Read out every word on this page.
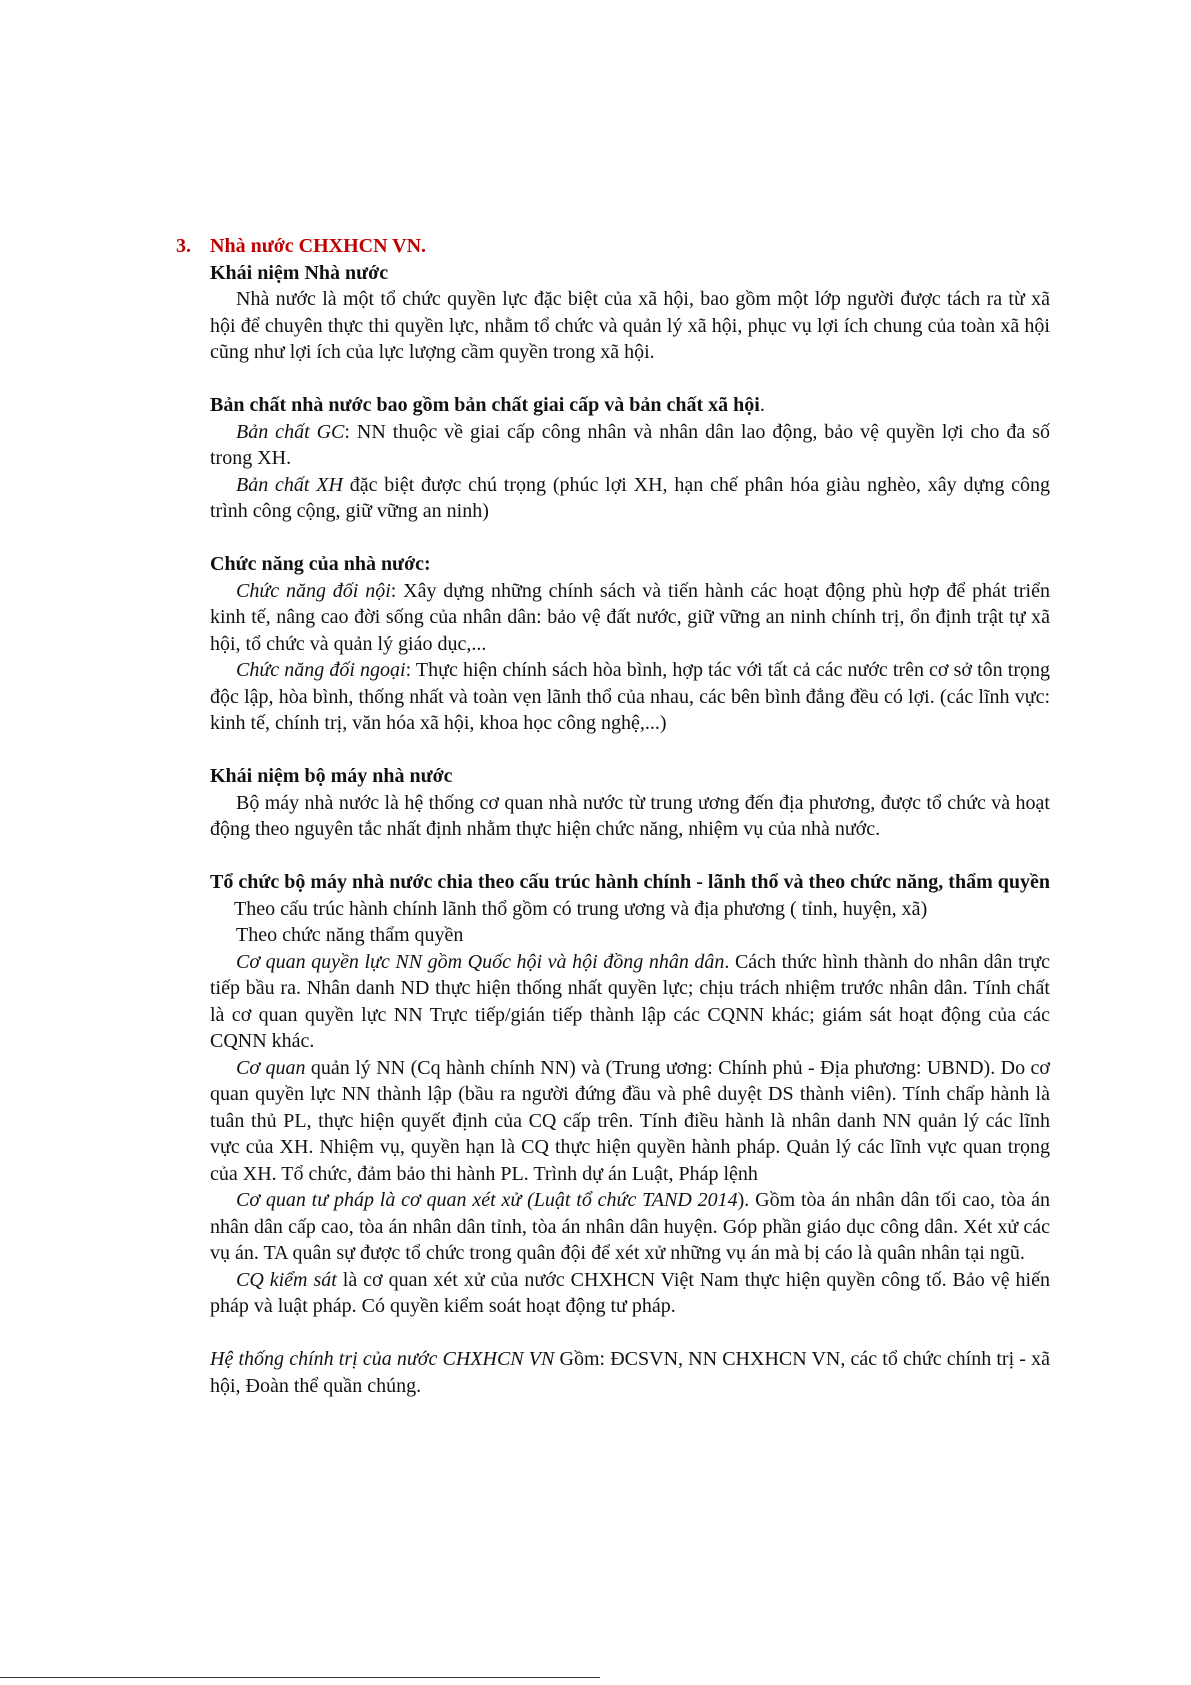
3. Nhà nước CHXHCN VN.

Khái niệm Nhà nước

Nhà nước là một tổ chức quyền lực đặc biệt của xã hội, bao gồm một lớp người được tách ra từ xã hội để chuyên thực thi quyền lực, nhằm tổ chức và quản lý xã hội, phục vụ lợi ích chung của toàn xã hội cũng như lợi ích của lực lượng cầm quyền trong xã hội.

Bản chất nhà nước bao gồm bản chất giai cấp và bản chất xã hội.

Bản chất GC: NN thuộc về giai cấp công nhân và nhân dân lao động, bảo vệ quyền lợi cho đa số trong XH.

Bản chất XH đặc biệt được chú trọng (phúc lợi XH, hạn chế phân hóa giàu nghèo, xây dựng công trình công cộng, giữ vững an ninh)

Chức năng của nhà nước:

Chức năng đối nội: Xây dựng những chính sách và tiến hành các hoạt động phù hợp để phát triển kinh tế, nâng cao đời sống của nhân dân: bảo vệ đất nước, giữ vững an ninh chính trị, ổn định trật tự xã hội, tổ chức và quản lý giáo dục,...

Chức năng đối ngoại: Thực hiện chính sách hòa bình, hợp tác với tất cả các nước trên cơ sở tôn trọng độc lập, hòa bình, thống nhất và toàn vẹn lãnh thổ của nhau, các bên bình đẳng đều có lợi. (các lĩnh vực: kinh tế, chính trị, văn hóa xã hội, khoa học công nghệ,...)

Khái niệm bộ máy nhà nước

Bộ máy nhà nước là hệ thống cơ quan nhà nước từ trung ương đến địa phương, được tổ chức và hoạt động theo nguyên tắc nhất định nhằm thực hiện chức năng, nhiệm vụ của nhà nước.

Tổ chức bộ máy nhà nước chia theo cấu trúc hành chính - lãnh thổ và theo chức năng, thẩm quyền

Theo cấu trúc hành chính lãnh thổ gồm có trung ương và địa phương ( tỉnh, huyện, xã)

Theo chức năng thẩm quyền

Cơ quan quyền lực NN gồm Quốc hội và hội đồng nhân dân. Cách thức hình thành do nhân dân trực tiếp bầu ra. Nhân danh ND thực hiện thống nhất quyền lực; chịu trách nhiệm trước nhân dân. Tính chất là cơ quan quyền lực NN Trực tiếp/gián tiếp thành lập các CQNN khác; giám sát hoạt động của các CQNN khác.

Cơ quan quản lý NN (Cq hành chính NN) và (Trung ương: Chính phủ - Địa phương: UBND). Do cơ quan quyền lực NN thành lập (bầu ra người đứng đầu và phê duyệt DS thành viên). Tính chấp hành là tuân thủ PL, thực hiện quyết định của CQ cấp trên. Tính điều hành là nhân danh NN quản lý các lĩnh vực của XH. Nhiệm vụ, quyền hạn là CQ thực hiện quyền hành pháp. Quản lý các lĩnh vực quan trọng của XH. Tổ chức, đảm bảo thi hành PL. Trình dự án Luật, Pháp lệnh

Cơ quan tư pháp là cơ quan xét xử (Luật tổ chức TAND 2014). Gồm tòa án nhân dân tối cao, tòa án nhân dân cấp cao, tòa án nhân dân tỉnh, tòa án nhân dân huyện. Góp phần giáo dục công dân. Xét xử các vụ án. TA quân sự được tổ chức trong quân đội để xét xử những vụ án mà bị cáo là quân nhân tại ngũ.

CQ kiểm sát là cơ quan xét xử của nước CHXHCN Việt Nam thực hiện quyền công tố. Bảo vệ hiến pháp và luật pháp. Có quyền kiểm soát hoạt động tư pháp.

Hệ thống chính trị của nước CHXHCN VN Gồm: ĐCSVN, NN CHXHCN VN, các tổ chức chính trị - xã hội, Đoàn thể quần chúng.
